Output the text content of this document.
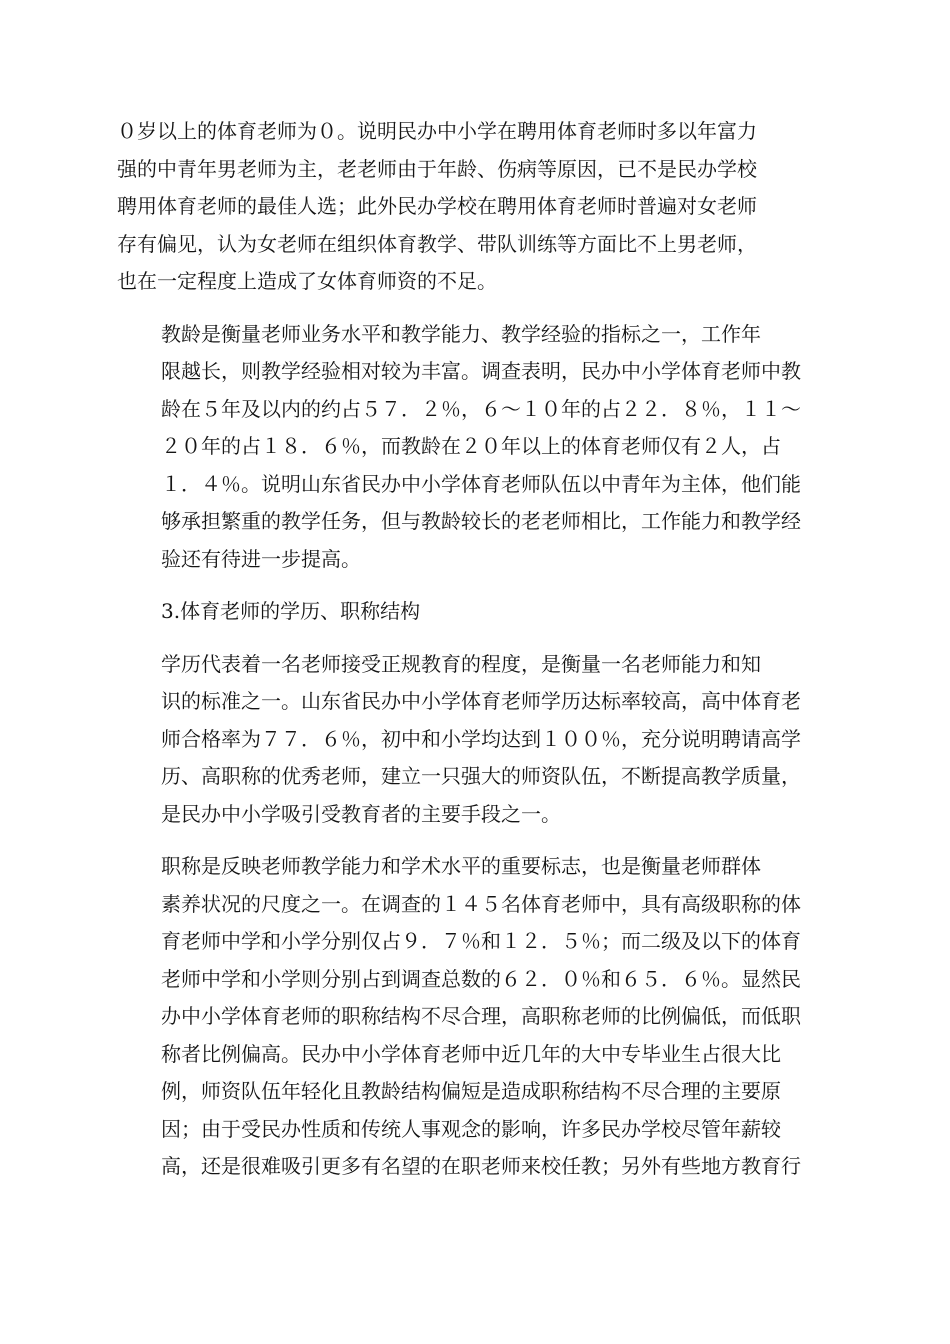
０岁以上的体育老师为０。说明民办中小学在聘用体育老师时多以年富力
强的中青年男老师为主，老老师由于年龄、伤病等原因，已不是民办学校
聘用体育老师的最佳人选；此外民办学校在聘用体育老师时普遍对女老师
存有偏见，认为女老师在组织体育教学、带队训练等方面比不上男老师，
也在一定程度上造成了女体育师资的不足。
教龄是衡量老师业务水平和教学能力、教学经验的指标之一，工作年
限越长，则教学经验相对较为丰富。调查表明，民办中小学体育老师中教
龄在５年及以内的约占５７．２％，６～１０年的占２２．８％，１１～
２０年的占１８．６％，而教龄在２０年以上的体育老师仅有２人，占
１．４％。说明山东省民办中小学体育老师队伍以中青年为主体，他们能
够承担繁重的教学任务，但与教龄较长的老老师相比，工作能力和教学经
验还有待进一步提高。
3.体育老师的学历、职称结构
学历代表着一名老师接受正规教育的程度，是衡量一名老师能力和知
识的标准之一。山东省民办中小学体育老师学历达标率较高，高中体育老
师合格率为７７．６％，初中和小学均达到１００％，充分说明聘请高学
历、高职称的优秀老师，建立一只强大的师资队伍，不断提高教学质量，
是民办中小学吸引受教育者的主要手段之一。
职称是反映老师教学能力和学术水平的重要标志，也是衡量老师群体
素养状况的尺度之一。在调查的１４５名体育老师中，具有高级职称的体
育老师中学和小学分别仅占９．７％和１２．５％；而二级及以下的体育
老师中学和小学则分别占到调查总数的６２．０％和６５．６％。显然民
办中小学体育老师的职称结构不尽合理，高职称老师的比例偏低，而低职
称者比例偏高。民办中小学体育老师中近几年的大中专毕业生占很大比
例，师资队伍年轻化且教龄结构偏短是造成职称结构不尽合理的主要原
因；由于受民办性质和传统人事观念的影响，许多民办学校尽管年薪较
高，还是很难吸引更多有名望的在职老师来校任教；另外有些地方教育行
